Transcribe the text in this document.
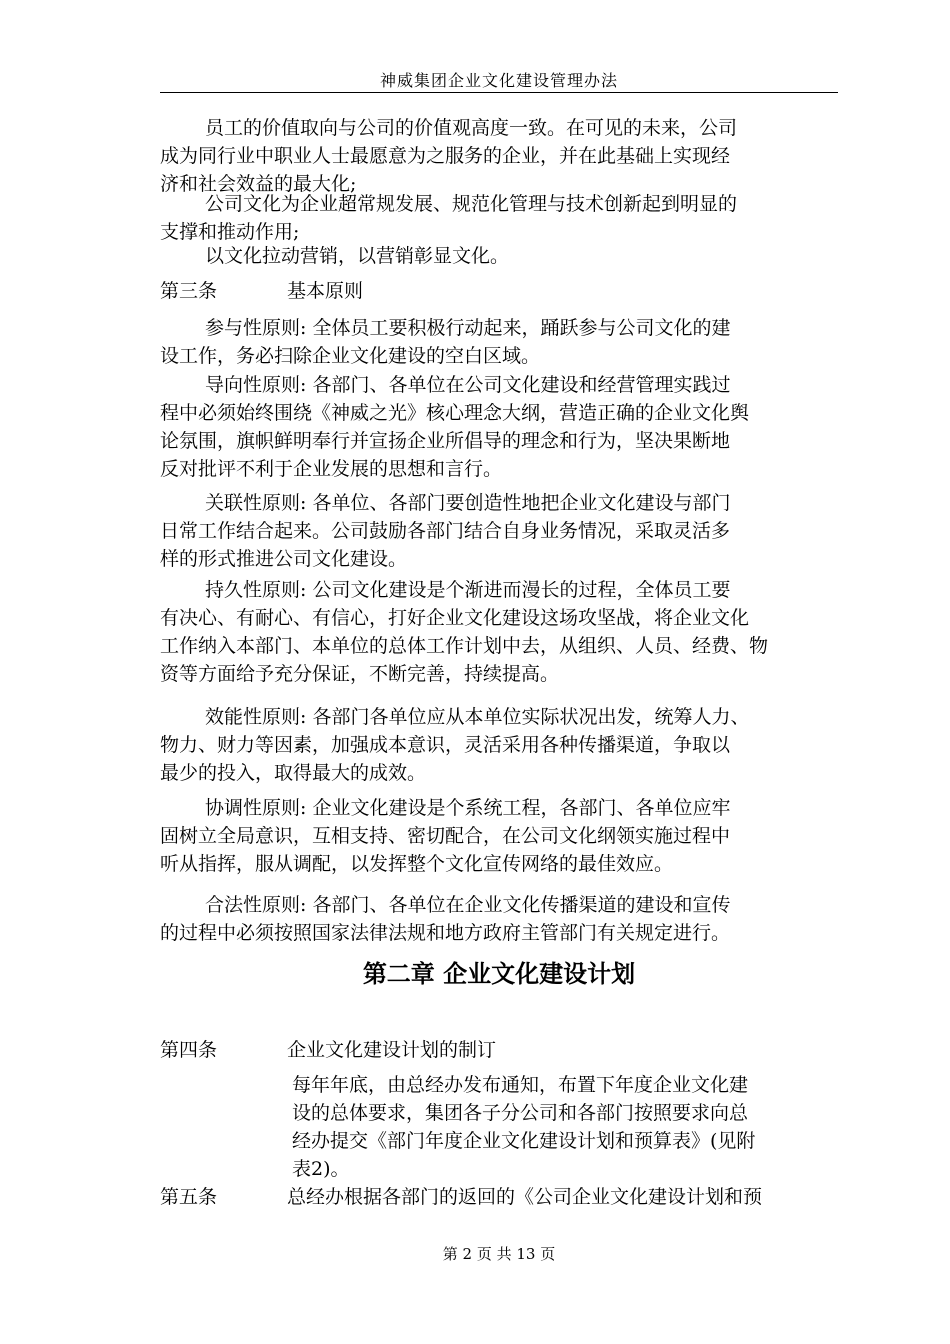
神威集团企业文化建设管理办法
员工的价值取向与公司的价值观高度一致。在可见的未来，公司
成为同行业中职业人士最愿意为之服务的企业，并在此基础上实现经
济和社会效益的最大化;
公司文化为企业超常规发展、规范化管理与技术创新起到明显的
支撑和推动作用;
以文化拉动营销，以营销彰显文化。
第三条	基本原则
参与性原则: 全体员工要积极行动起来，踊跃参与公司文化的建
设工作，务必扫除企业文化建设的空白区域。
导向性原则: 各部门、各单位在公司文化建设和经营管理实践过
程中必须始终围绕《神威之光》核心理念大纲，营造正确的企业文化舆
论氛围，旗帜鲜明奉行并宣扬企业所倡导的理念和行为，坚决果断地
反对批评不利于企业发展的思想和言行。
关联性原则: 各单位、各部门要创造性地把企业文化建设与部门
日常工作结合起来。公司鼓励各部门结合自身业务情况，采取灵活多
样的形式推进公司文化建设。
持久性原则: 公司文化建设是个渐进而漫长的过程，全体员工要
有决心、有耐心、有信心，打好企业文化建设这场攻坚战，将企业文化
工作纳入本部门、本单位的总体工作计划中去，从组织、人员、经费、物
资等方面给予充分保证，不断完善，持续提高。
效能性原则: 各部门各单位应从本单位实际状况出发，统筹人力、
物力、财力等因素，加强成本意识，灵活采用各种传播渠道，争取以
最少的投入，取得最大的成效。
协调性原则: 企业文化建设是个系统工程，各部门、各单位应牢
固树立全局意识，互相支持、密切配合，在公司文化纲领实施过程中
听从指挥，服从调配，以发挥整个文化宣传网络的最佳效应。
合法性原则: 各部门、各单位在企业文化传播渠道的建设和宣传
的过程中必须按照国家法律法规和地方政府主管部门有关规定进行。
第二章 企业文化建设计划
第四条	企业文化建设计划的制订
每年年底，由总经办发布通知，布置下年度企业文化建
设的总体要求，集团各子分公司和各部门按照要求向总
经办提交《部门年度企业文化建设计划和预算表》(见附
表2)。
第五条	总经办根据各部门的返回的《公司企业文化建设计划和预
第 2 页 共 13 页
